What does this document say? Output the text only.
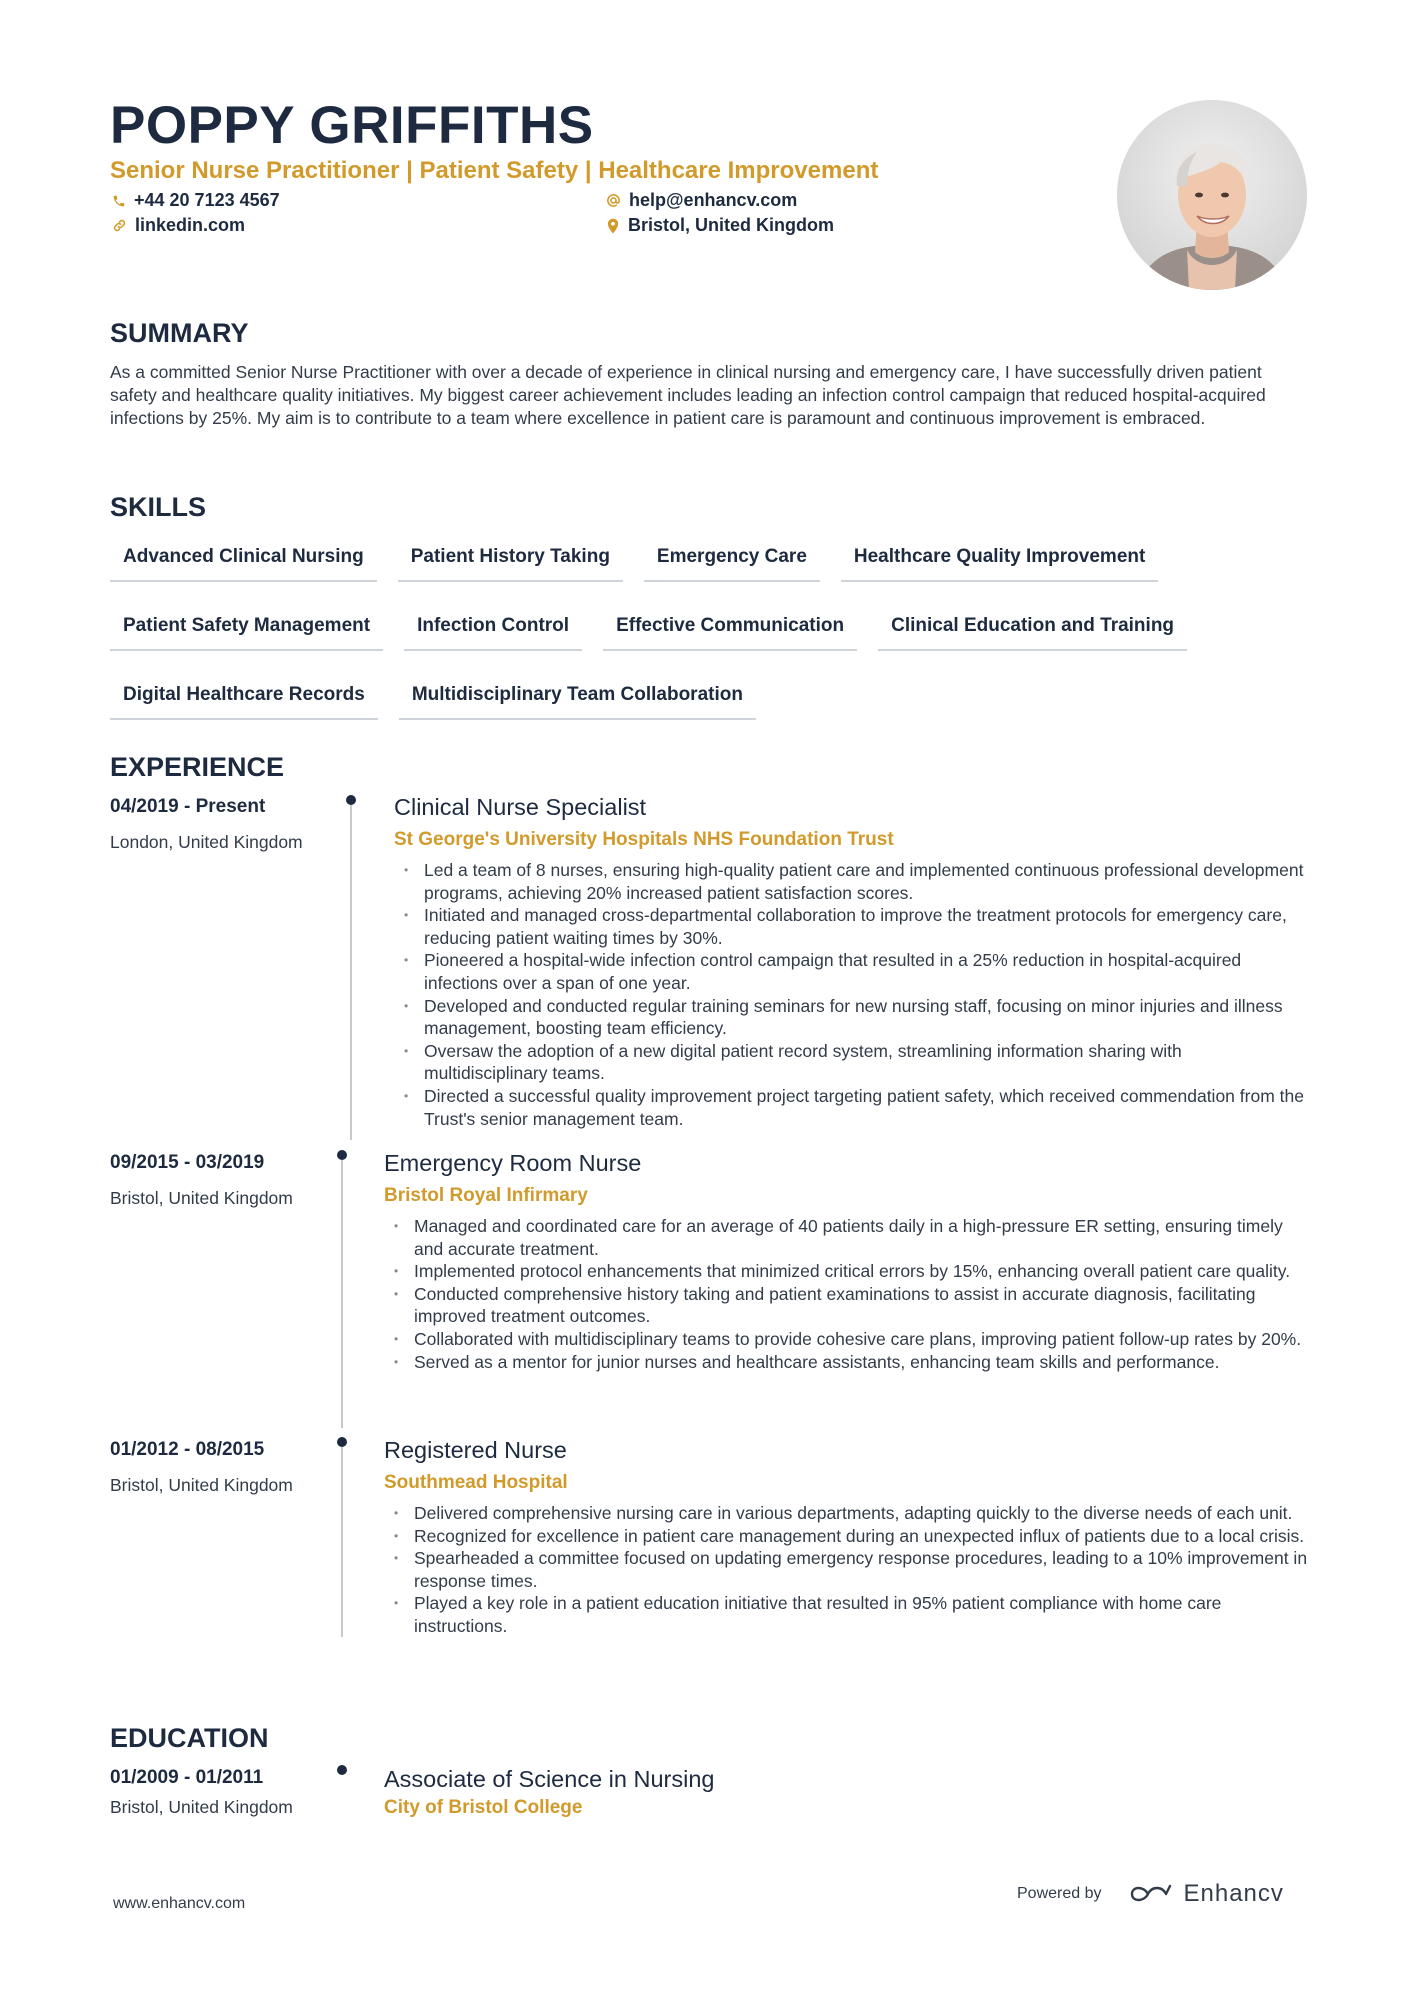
POPPY GRIFFITHS
Senior Nurse Practitioner | Patient Safety | Healthcare Improvement
+44 20 7123 4567	help@enhancv.com
linkedin.com	Bristol, United Kingdom
SUMMARY
As a committed Senior Nurse Practitioner with over a decade of experience in clinical nursing and emergency care, I have successfully driven patient safety and healthcare quality initiatives. My biggest career achievement includes leading an infection control campaign that reduced hospital-acquired infections by 25%. My aim is to contribute to a team where excellence in patient care is paramount and continuous improvement is embraced.
SKILLS
Advanced Clinical Nursing	Patient History Taking	Emergency Care	Healthcare Quality Improvement
Patient Safety Management	Infection Control	Effective Communication	Clinical Education and Training
Digital Healthcare Records	Multidisciplinary Team Collaboration
EXPERIENCE
04/2019 - Present
London, United Kingdom
Clinical Nurse Specialist
St George's University Hospitals NHS Foundation Trust
• Led a team of 8 nurses, ensuring high-quality patient care and implemented continuous professional development programs, achieving 20% increased patient satisfaction scores.
• Initiated and managed cross-departmental collaboration to improve the treatment protocols for emergency care, reducing patient waiting times by 30%.
• Pioneered a hospital-wide infection control campaign that resulted in a 25% reduction in hospital-acquired infections over a span of one year.
• Developed and conducted regular training seminars for new nursing staff, focusing on minor injuries and illness management, boosting team efficiency.
• Oversaw the adoption of a new digital patient record system, streamlining information sharing with multidisciplinary teams.
• Directed a successful quality improvement project targeting patient safety, which received commendation from the Trust's senior management team.
09/2015 - 03/2019
Bristol, United Kingdom
Emergency Room Nurse
Bristol Royal Infirmary
• Managed and coordinated care for an average of 40 patients daily in a high-pressure ER setting, ensuring timely and accurate treatment.
• Implemented protocol enhancements that minimized critical errors by 15%, enhancing overall patient care quality.
• Conducted comprehensive history taking and patient examinations to assist in accurate diagnosis, facilitating improved treatment outcomes.
• Collaborated with multidisciplinary teams to provide cohesive care plans, improving patient follow-up rates by 20%.
• Served as a mentor for junior nurses and healthcare assistants, enhancing team skills and performance.
01/2012 - 08/2015
Bristol, United Kingdom
Registered Nurse
Southmead Hospital
• Delivered comprehensive nursing care in various departments, adapting quickly to the diverse needs of each unit.
• Recognized for excellence in patient care management during an unexpected influx of patients due to a local crisis.
• Spearheaded a committee focused on updating emergency response procedures, leading to a 10% improvement in response times.
• Played a key role in a patient education initiative that resulted in 95% patient compliance with home care instructions.
EDUCATION
01/2009 - 01/2011
Bristol, United Kingdom
Associate of Science in Nursing
City of Bristol College
www.enhancv.com
Powered by	Enhancv
